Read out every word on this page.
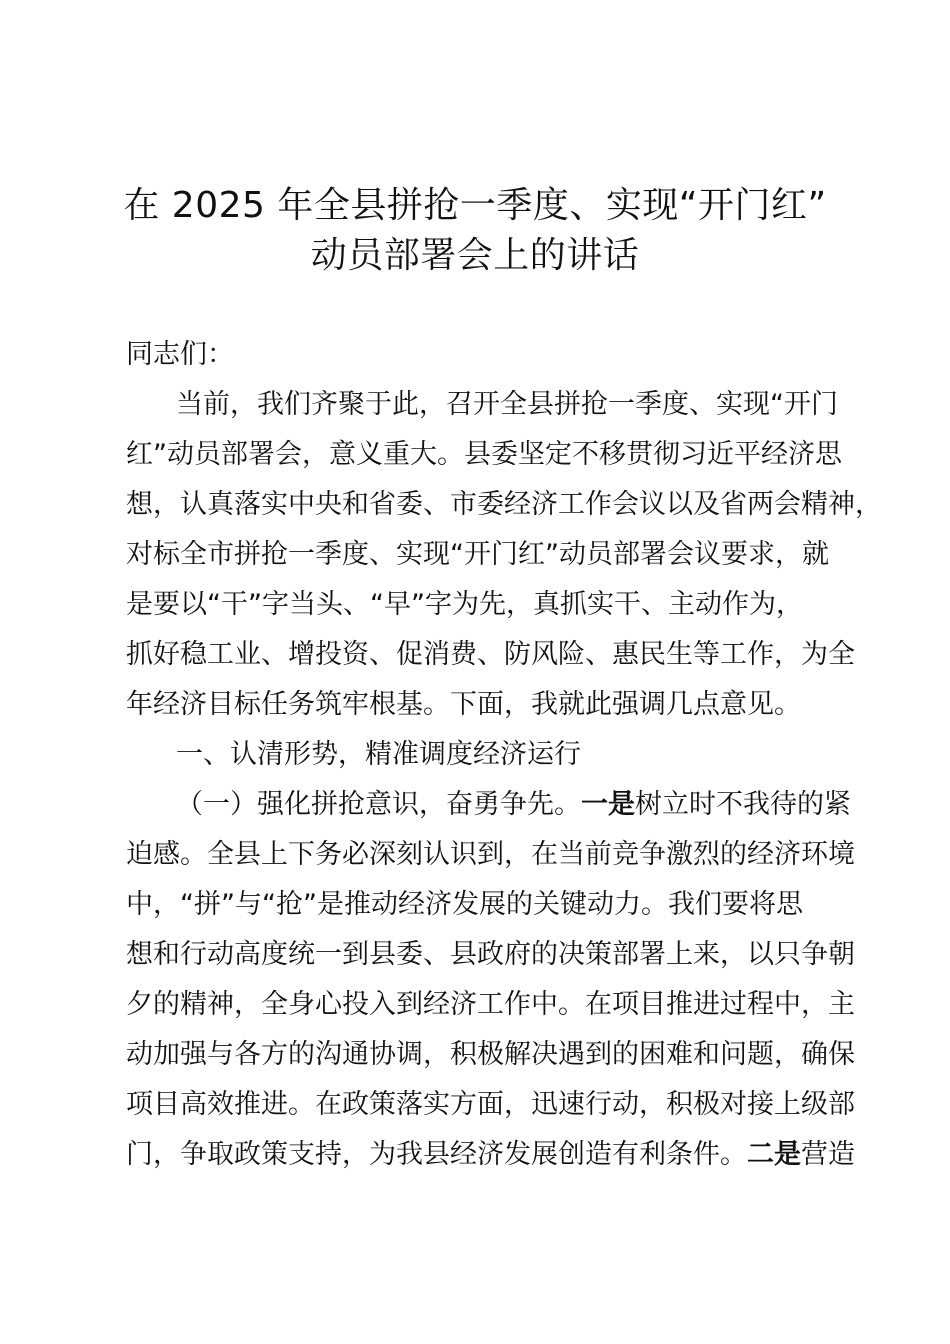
在 2025 年全县拼抢一季度、实现“开门红”
动员部署会上的讲话
同志们：
当前，我们齐聚于此，召开全县拼抢一季度、实现“开门
红”动员部署会，意义重大。县委坚定不移贯彻习近平经济思
想，认真落实中央和省委、市委经济工作会议以及省两会精神，
对标全市拼抢一季度、实现“开门红”动员部署会议要求，就
是要以“干”字当头、“早”字为先，真抓实干、主动作为，
抓好稳工业、增投资、促消费、防风险、惠民生等工作，为全
年经济目标任务筑牢根基。下面，我就此强调几点意见。
一、认清形势，精准调度经济运行
（一）强化拼抢意识，奋勇争先。一是树立时不我待的紧
迫感。全县上下务必深刻认识到，在当前竞争激烈的经济环境
中，“拼”与“抢”是推动经济发展的关键动力。我们要将思
想和行动高度统一到县委、县政府的决策部署上来，以只争朝
夕的精神，全身心投入到经济工作中。在项目推进过程中，主
动加强与各方的沟通协调，积极解决遇到的困难和问题，确保
项目高效推进。在政策落实方面，迅速行动，积极对接上级部
门，争取政策支持，为我县经济发展创造有利条件。二是营造
